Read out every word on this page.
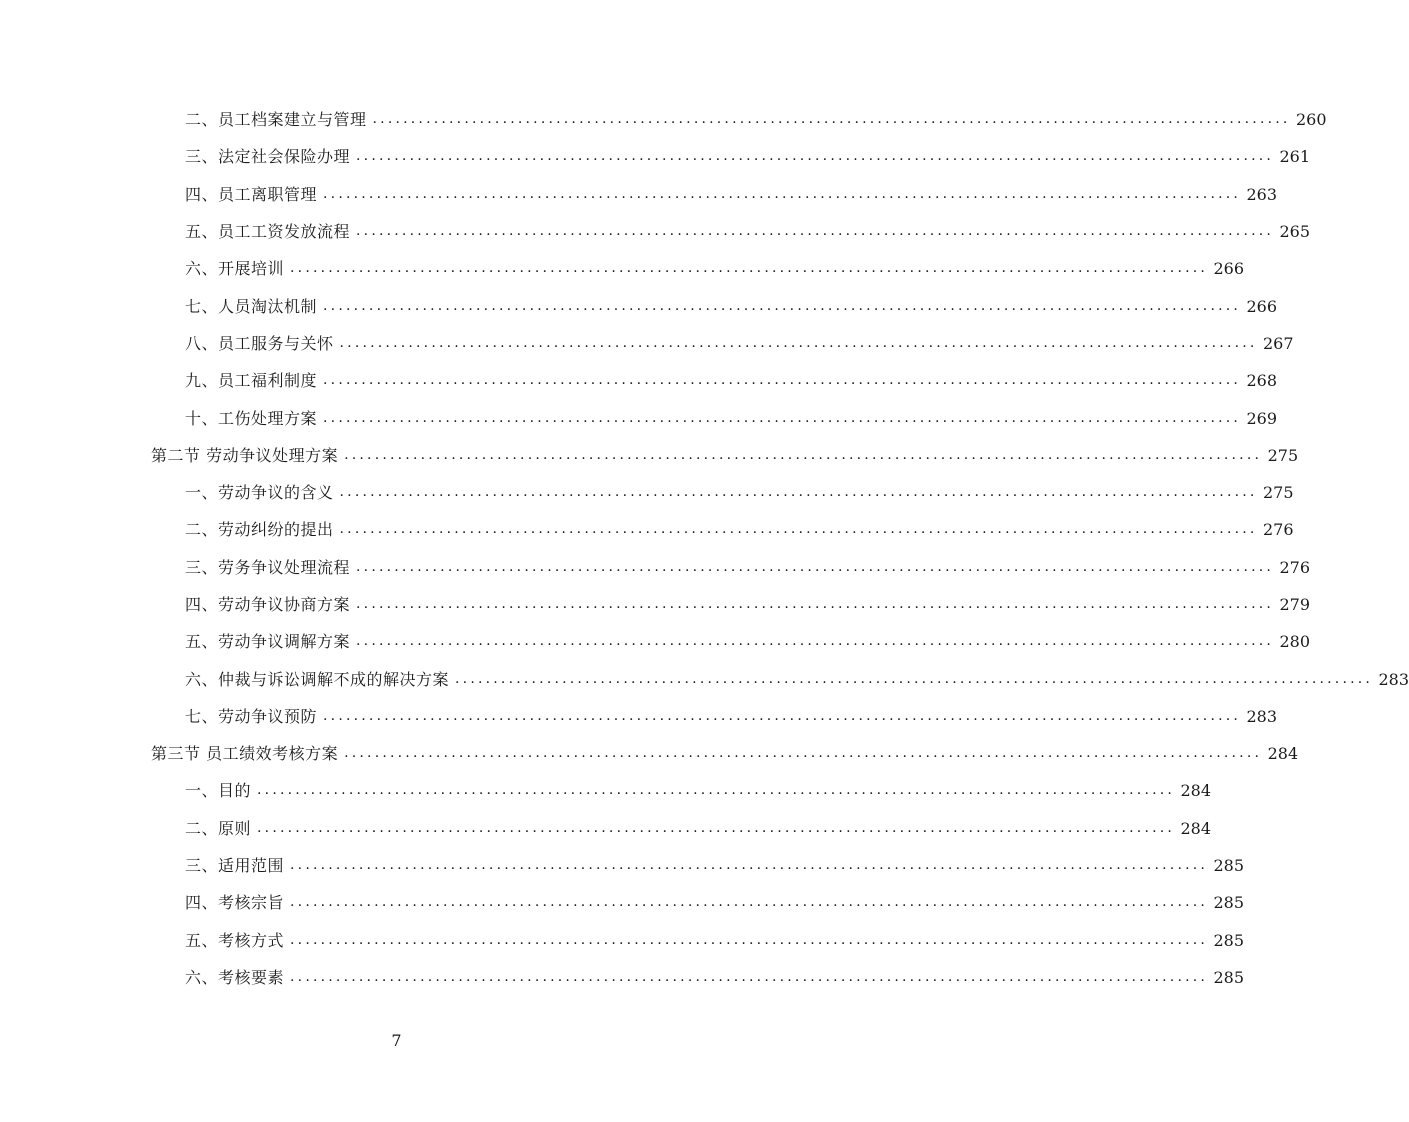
二、员工档案建立与管理 ........................................................................................................................ 260
三、法定社会保险办理 ........................................................................................................................ 261
四、员工离职管理 ........................................................................................................................ 263
五、员工工资发放流程 ........................................................................................................................ 265
六、开展培训 ........................................................................................................................ 266
七、人员淘汰机制 ........................................................................................................................ 266
八、员工服务与关怀 ........................................................................................................................ 267
九、员工福利制度 ........................................................................................................................ 268
十、工伤处理方案 ........................................................................................................................ 269
第二节 劳动争议处理方案 ........................................................................................................................ 275
一、劳动争议的含义 ........................................................................................................................ 275
二、劳动纠纷的提出 ........................................................................................................................ 276
三、劳务争议处理流程 ........................................................................................................................ 276
四、劳动争议协商方案 ........................................................................................................................ 279
五、劳动争议调解方案 ........................................................................................................................ 280
六、仲裁与诉讼调解不成的解决方案 ........................................................................................................................ 283
七、劳动争议预防 ........................................................................................................................ 283
第三节 员工绩效考核方案 ........................................................................................................................ 284
一、目的 ........................................................................................................................ 284
二、原则 ........................................................................................................................ 284
三、适用范围 ........................................................................................................................ 285
四、考核宗旨 ........................................................................................................................ 285
五、考核方式 ........................................................................................................................ 285
六、考核要素 ........................................................................................................................ 285
7
